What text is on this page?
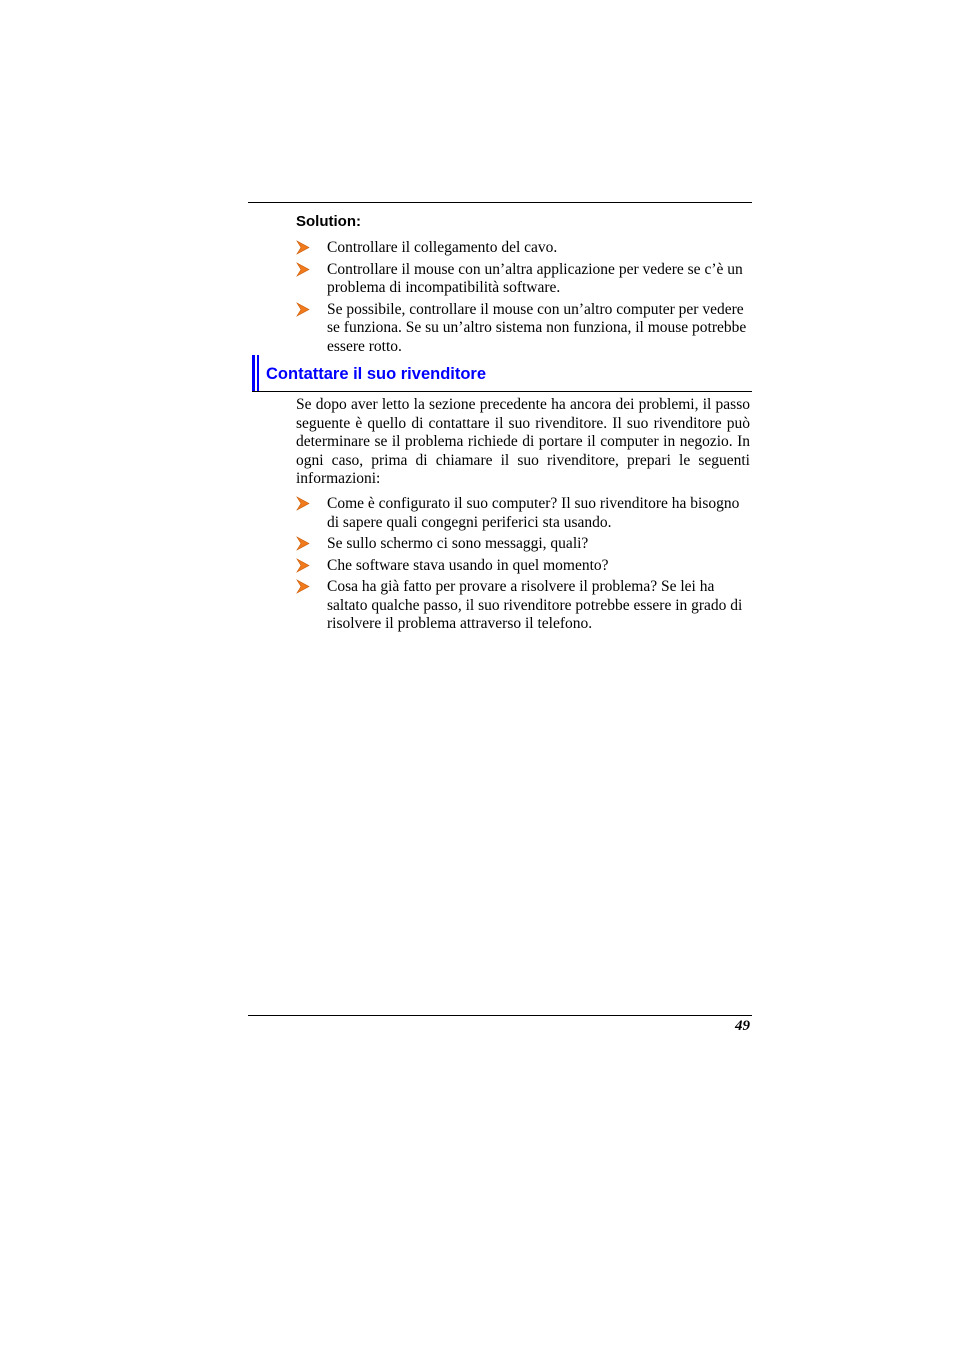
Solution:
Controllare il collegamento del cavo.
Controllare il mouse con un’altra applicazione per vedere se c’è un problema di incompatibilità software.
Se possibile, controllare il mouse con un’altro computer per vedere se funziona. Se su un’altro sistema non funziona, il mouse potrebbe essere rotto.
Contattare il suo rivenditore

Se dopo aver letto la sezione precedente ha ancora dei problemi, il passo seguente è quello di contattare il suo rivenditore. Il suo rivenditore può determinare se il problema richiede di portare il computer in negozio. In ogni caso, prima di chiamare il suo rivenditore, prepari le seguenti informazioni:

Come è configurato il suo computer? Il suo rivenditore ha bisogno di sapere quali congegni periferici sta usando.
Se sullo schermo ci sono messaggi, quali?
Che software stava usando in quel momento?
Cosa ha già fatto per provare a risolvere il problema? Se lei ha saltato qualche passo, il suo rivenditore potrebbe essere in grado di risolvere il problema attraverso il telefono.
49
